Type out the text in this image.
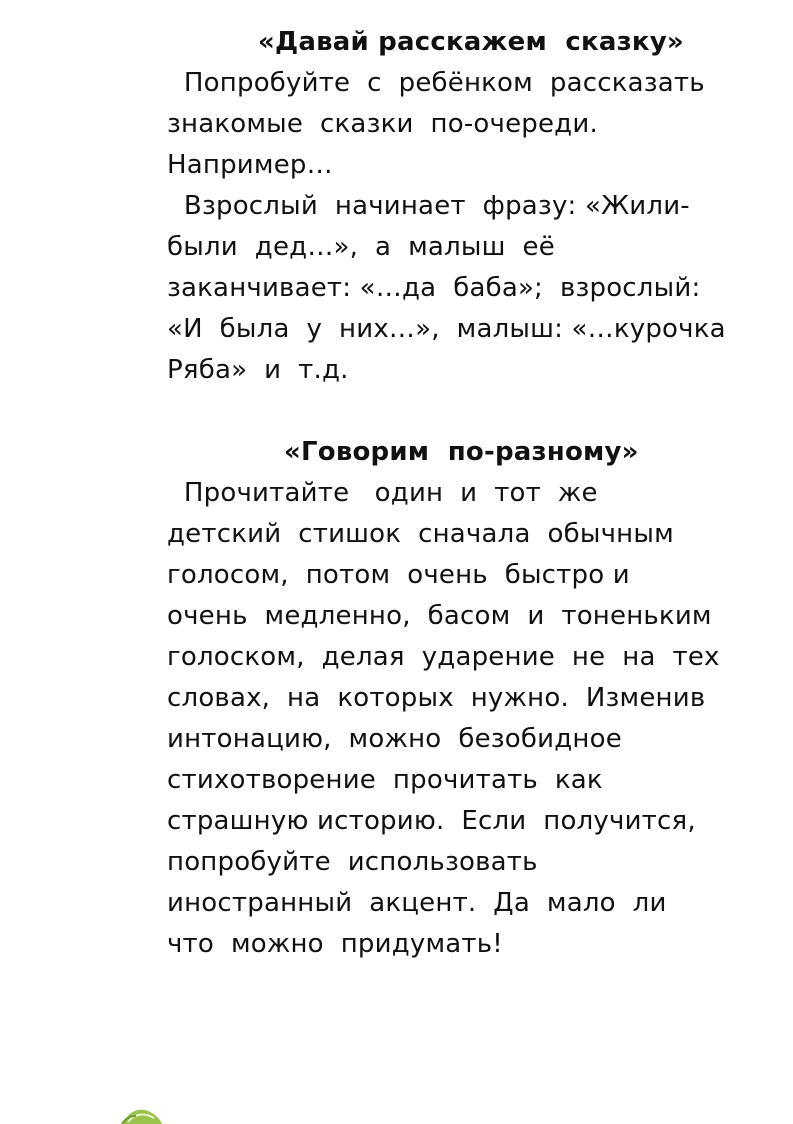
«Давай расскажем  сказку»
Попробуйте  с  ребёнком  рассказать
знакомые  сказки  по-очереди.
Например…
Взрослый  начинает  фразу: «Жили-
были  дед…»,  а  малыш  её
заканчивает: «…да  баба»;  взрослый:
«И  была  у  них…»,  малыш: «…курочка
Ряба»  и  т.д.
«Говорим  по-разному»
Прочитайте   один  и  тот  же
детский  стишок  сначала  обычным
голосом,  потом  очень  быстро и
очень  медленно,  басом  и  тоненьким
голоском,  делая  ударение  не  на  тех
словах,  на  которых  нужно.  Изменив
интонацию,  можно  безобидное
стихотворение  прочитать  как
страшную историю.  Если  получится,
попробуйте  использовать
иностранный  акцент.  Да  мало  ли
что  можно  придумать!
